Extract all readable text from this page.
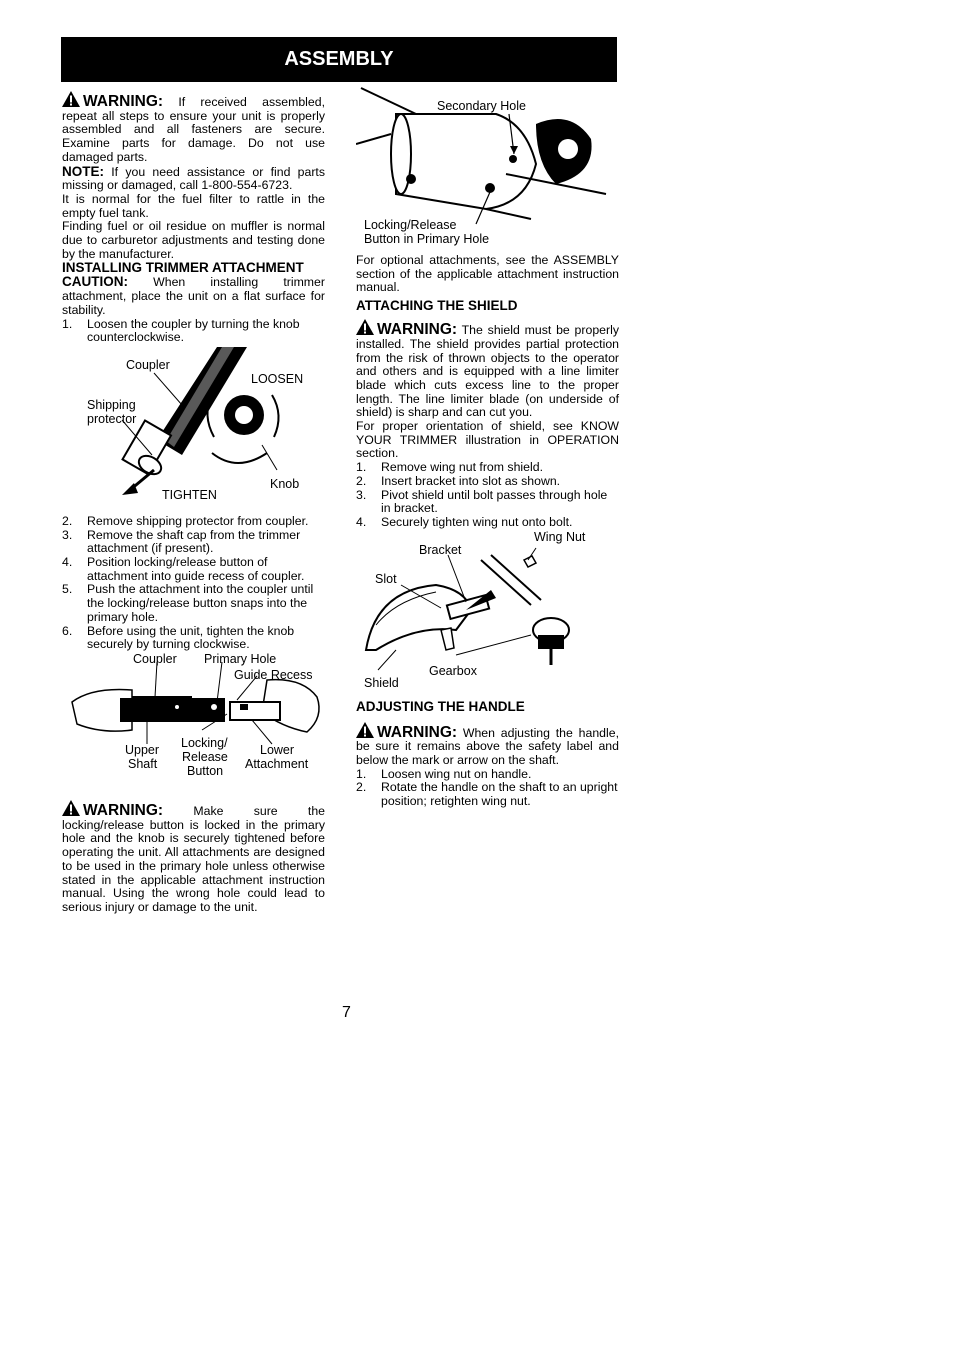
ASSEMBLY

WARNING: If received assembled, repeat all steps to ensure your unit is properly assembled and all fasteners are secure. Examine parts for damage. Do not use damaged parts.

NOTE: If you need assistance or find parts missing or damaged, call 1-800-554-6723.

It is normal for the fuel filter to rattle in the empty fuel tank.

Finding fuel or oil residue on muffler is normal due to carburetor adjustments and testing done by the manufacturer.

INSTALLING TRIMMER ATTACHMENT

CAUTION: When installing trimmer attachment, place the unit on a flat surface for stability.

1. Loosen the coupler by turning the knob counterclockwise.
Coupler
LOOSEN
Shipping
protector
Knob
TIGHTEN
2. Remove shipping protector from coupler.
3. Remove the shaft cap from the trimmer attachment (if present).
4. Position locking/release button of attachment into guide recess of coupler.
5. Push the attachment into the coupler until the locking/release button snaps into the primary hole.
6. Before using the unit, tighten the knob securely by turning clockwise.
Coupler Primary Hole
Guide Recess
Upper
Shaft
Locking/
Release
Button
Lower
Attachment

WARNING: Make sure the locking/release button is locked in the primary hole and the knob is securely tightened before operating the unit. All attachments are designed to be used in the primary hole unless otherwise stated in the applicable attachment instruction manual. Using the wrong hole could lead to serious injury or damage to the unit.

Secondary Hole
Locking/Release
Button in Primary Hole

For optional attachments, see the ASSEMBLY section of the applicable attachment instruction manual.

ATTACHING THE SHIELD

WARNING: The shield must be properly installed. The shield provides partial protection from the risk of thrown objects to the operator and others and is equipped with a line limiter blade which cuts excess line to the proper length. The line limiter blade (on underside of shield) is sharp and can cut you.

For proper orientation of shield, see KNOW YOUR TRIMMER illustration in OPERATION section.

1. Remove wing nut from shield.
2. Insert bracket into slot as shown.
3. Pivot shield until bolt passes through hole in bracket.
4. Securely tighten wing nut onto bolt.
Wing Nut
Bracket
Slot
Gearbox
Shield

ADJUSTING THE HANDLE

WARNING: When adjusting the handle, be sure it remains above the safety label and below the mark or arrow on the shaft.

1. Loosen wing nut on handle.
2. Rotate the handle on the shaft to an upright position; retighten wing nut.
7
